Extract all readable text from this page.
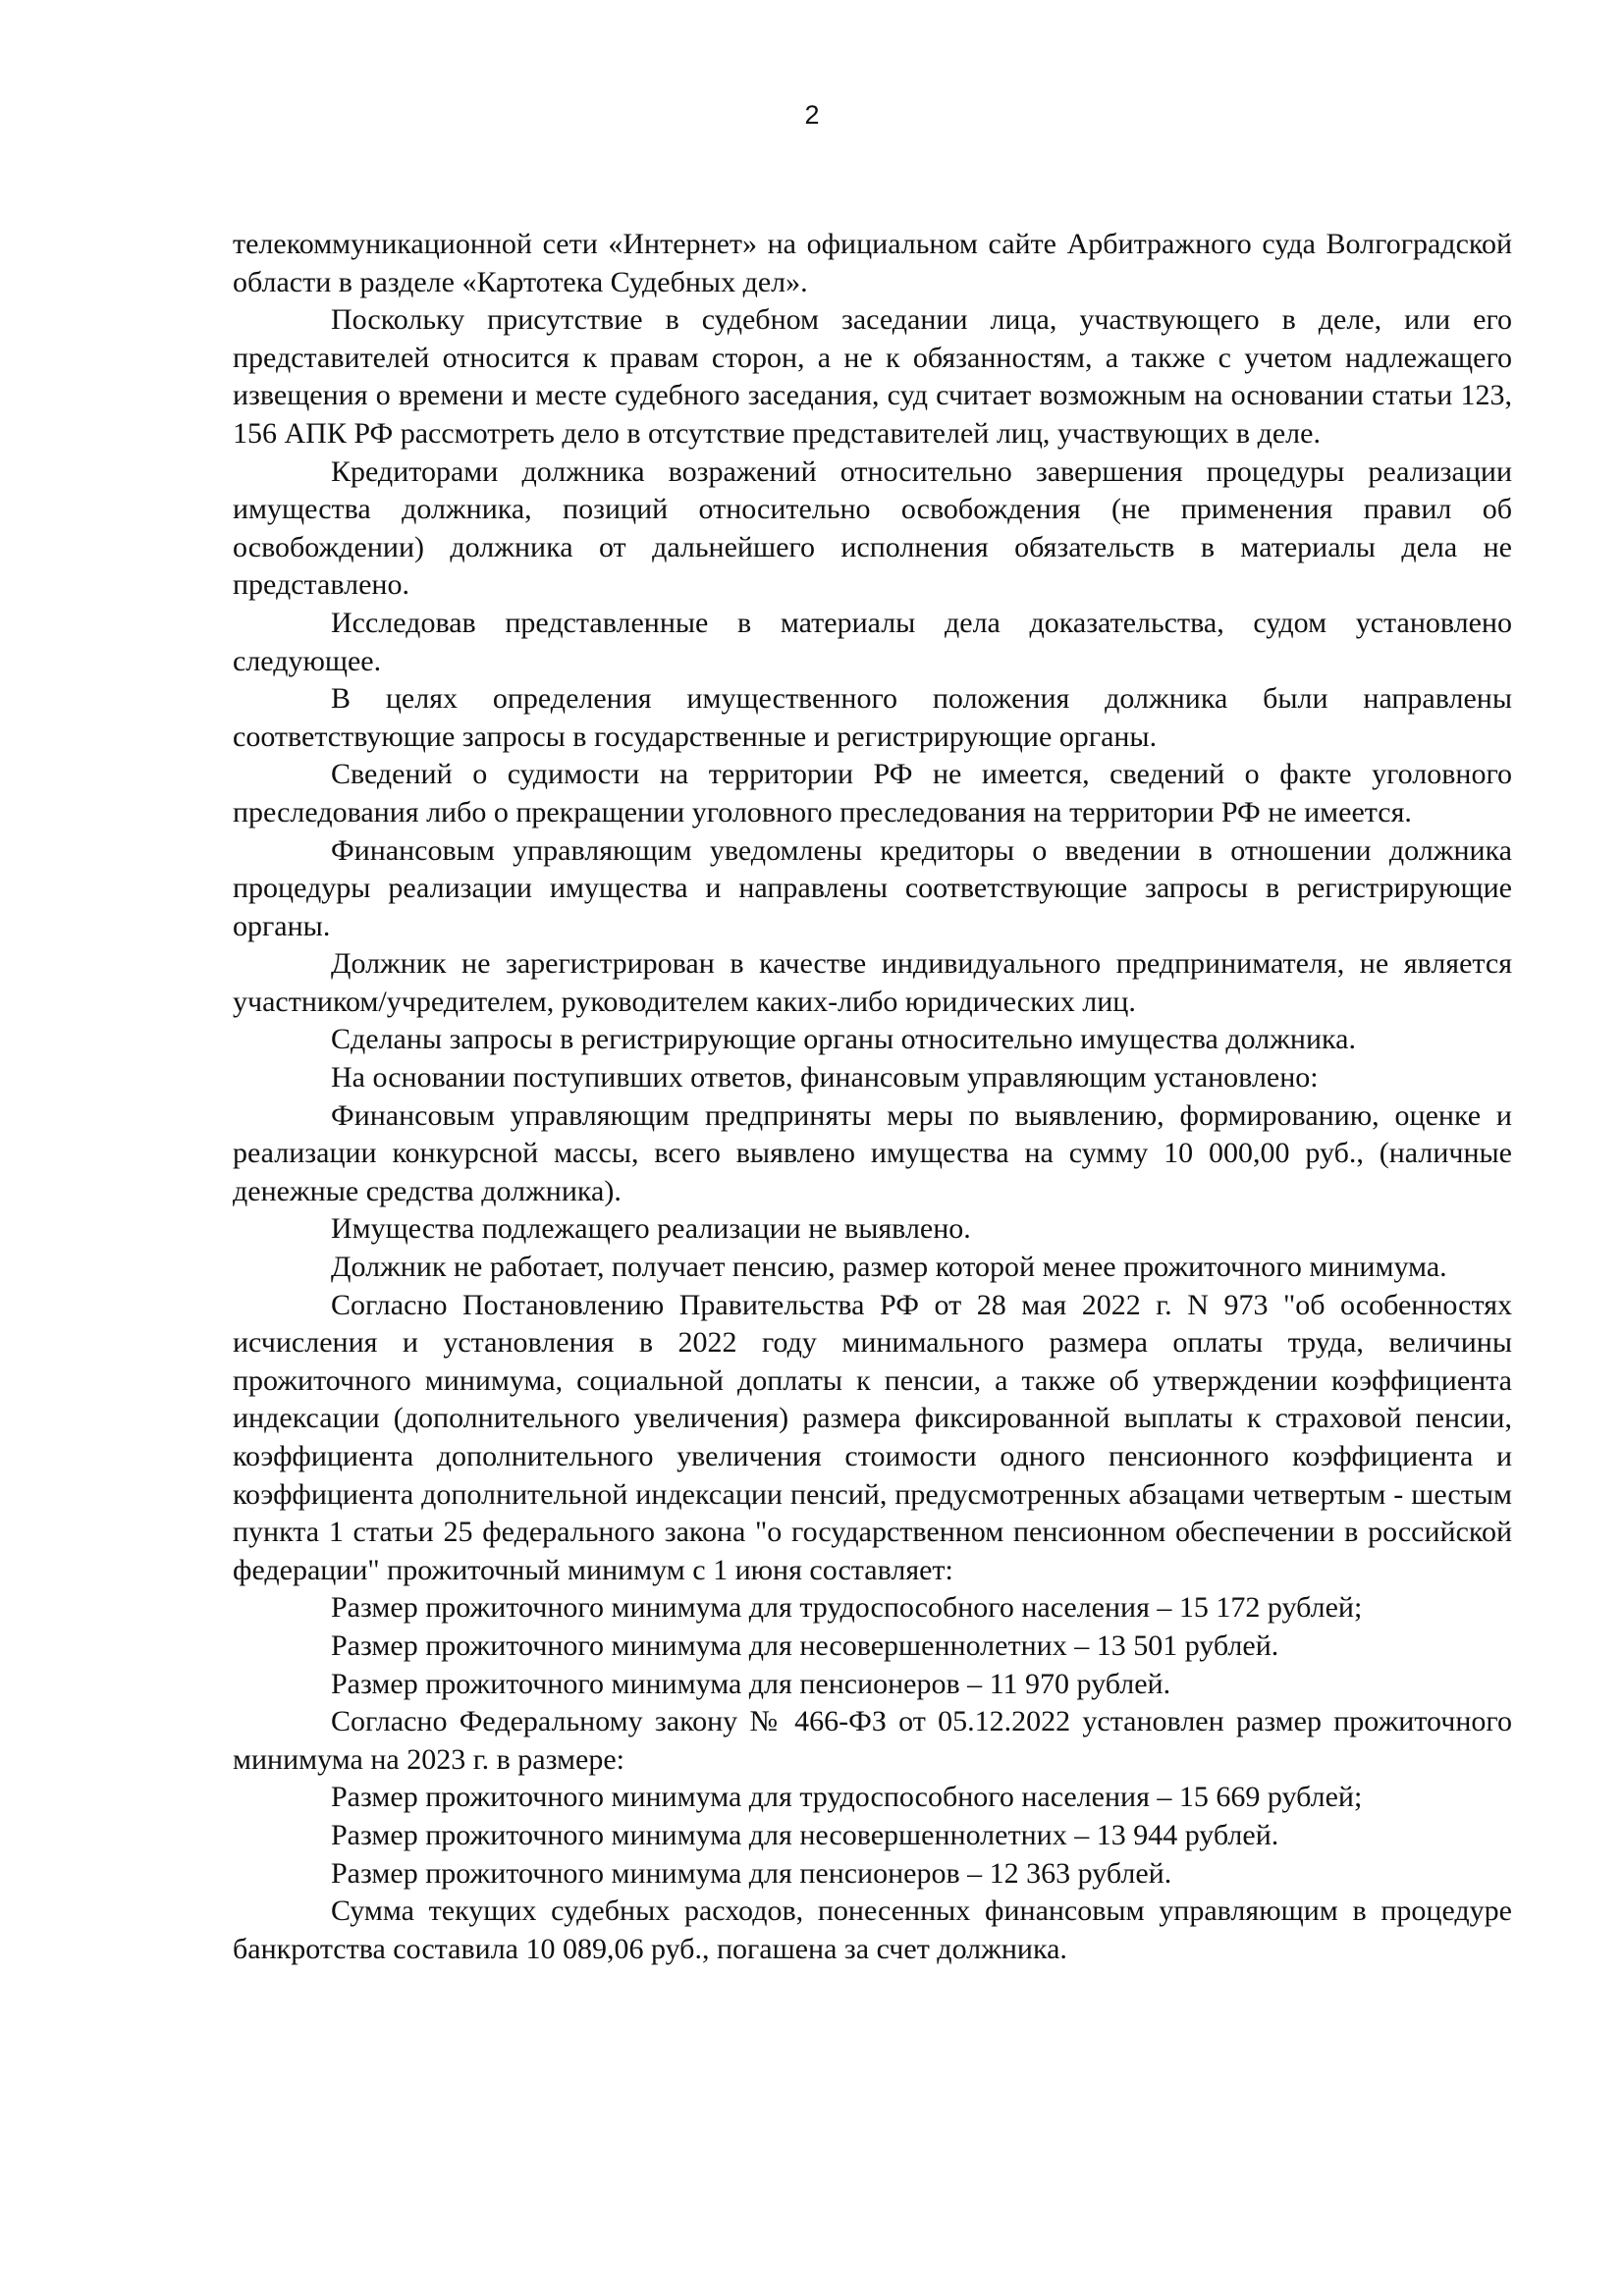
2

телекоммуникационной сети «Интернет» на официальном сайте Арбитражного суда Волгоградской области в разделе «Картотека Судебных дел».

Поскольку присутствие в судебном заседании лица, участвующего в деле, или его представителей относится к правам сторон, а не к обязанностям, а также с учетом надлежащего извещения о времени и месте судебного заседания, суд считает возможным на основании статьи 123, 156 АПК РФ рассмотреть дело в отсутствие представителей лиц, участвующих в деле.

Кредиторами должника возражений относительно завершения процедуры реализации имущества должника, позиций относительно освобождения (не применения правил об освобождении) должника от дальнейшего исполнения обязательств в материалы дела не представлено.

Исследовав представленные в материалы дела доказательства, судом установлено следующее.

В целях определения имущественного положения должника были направлены соответствующие запросы в государственные и регистрирующие органы.

Сведений о судимости на территории РФ не имеется, сведений о факте уголовного преследования либо о прекращении уголовного преследования на территории РФ не имеется.

Финансовым управляющим уведомлены кредиторы о введении в отношении должника процедуры реализации имущества и направлены соответствующие запросы в регистрирующие органы.

Должник не зарегистрирован в качестве индивидуального предпринимателя, не является участником/учредителем, руководителем каких-либо юридических лиц.

Сделаны запросы в регистрирующие органы относительно имущества должника.

На основании поступивших ответов, финансовым управляющим установлено:

Финансовым управляющим предприняты меры по выявлению, формированию, оценке и реализации конкурсной массы, всего выявлено имущества на сумму 10 000,00 руб., (наличные денежные средства должника).

Имущества подлежащего реализации не выявлено.

Должник не работает, получает пенсию, размер которой менее прожиточного минимума.

Согласно Постановлению Правительства РФ от 28 мая 2022 г. N 973 "об особенностях исчисления и установления в 2022 году минимального размера оплаты труда, величины прожиточного минимума, социальной доплаты к пенсии, а также об утверждении коэффициента индексации (дополнительного увеличения) размера фиксированной выплаты к страховой пенсии, коэффициента дополнительного увеличения стоимости одного пенсионного коэффициента и коэффициента дополнительной индексации пенсий, предусмотренных абзацами четвертым - шестым пункта 1 статьи 25 федерального закона "о государственном пенсионном обеспечении в российской федерации" прожиточный минимум с 1 июня составляет:

Размер прожиточного минимума для трудоспособного населения – 15 172 рублей;

Размер прожиточного минимума для несовершеннолетних – 13 501 рублей.

Размер прожиточного минимума для пенсионеров – 11 970 рублей.

Согласно Федеральному закону № 466-ФЗ от 05.12.2022 установлен размер прожиточного минимума на 2023 г. в размере:

Размер прожиточного минимума для трудоспособного населения – 15 669 рублей;

Размер прожиточного минимума для несовершеннолетних – 13 944 рублей.

Размер прожиточного минимума для пенсионеров – 12 363 рублей.

Сумма текущих судебных расходов, понесенных финансовым управляющим в процедуре банкротства составила 10 089,06 руб., погашена за счет должника.
